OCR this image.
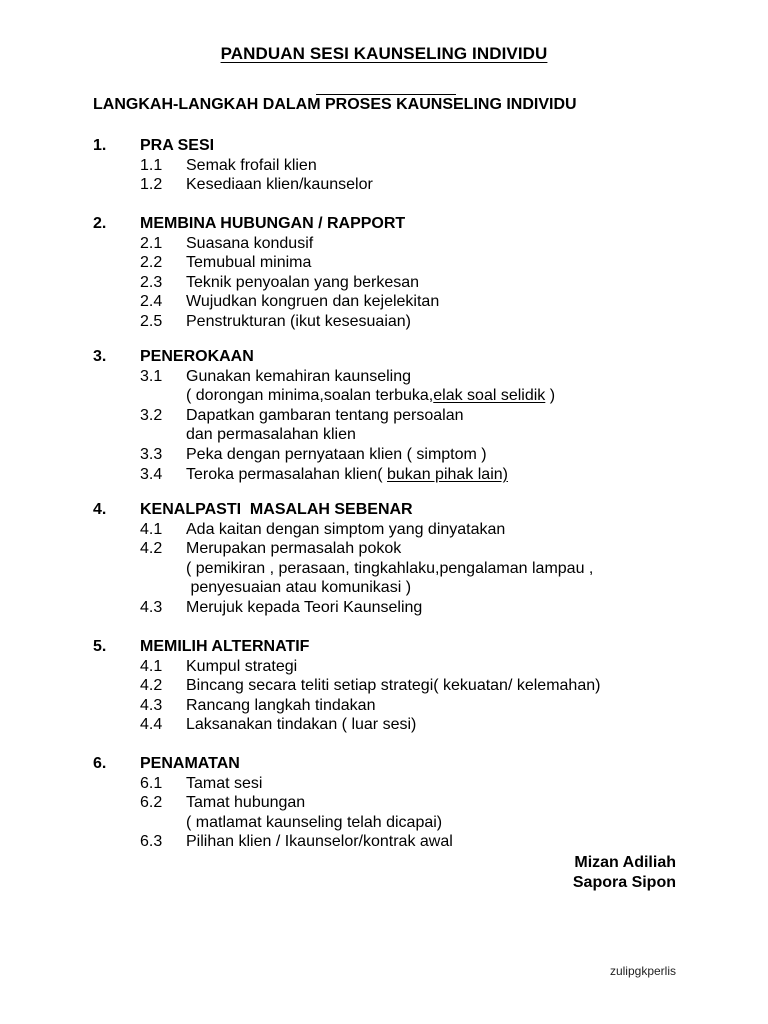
PANDUAN SESI KAUNSELING INDIVIDU
LANGKAH-LANGKAH DALAM PROSES KAUNSELING INDIVIDU
1.	PRA SESI
1.1	Semak frofail klien
1.2	Kesediaan klien/kaunselor
2.	MEMBINA HUBUNGAN / RAPPORT
2.1	Suasana kondusif
2.2	Temubual minima
2.3	Teknik penyoalan yang berkesan
2.4	Wujudkan kongruen dan kejelekitan
2.5	Penstrukturan (ikut kesesuaian)
3.	PENEROKAAN
3.1	Gunakan kemahiran kaunseling
( dorongan minima,soalan terbuka,elak soal selidik )
3.2	Dapatkan gambaran tentang persoalan
dan permasalahan klien
3.3	Peka dengan pernyataan klien ( simptom )
3.4	Teroka permasalahan klien( bukan pihak lain)
4.	KENALPASTI  MASALAH SEBENAR
4.1	Ada kaitan dengan simptom yang dinyatakan
4.2	Merupakan permasalah pokok
( pemikiran , perasaan, tingkahlaku,pengalaman lampau ,
penyesuaian atau komunikasi )
4.3	Merujuk kepada Teori Kaunseling
5.	MEMILIH ALTERNATIF
4.1	Kumpul strategi
4.2	Bincang secara teliti setiap strategi( kekuatan/ kelemahan)
4.3	Rancang langkah tindakan
4.4	Laksanakan tindakan ( luar sesi)
6.	PENAMATAN
6.1	Tamat sesi
6.2	Tamat hubungan
( matlamat kaunseling telah dicapai)
6.3	Pilihan klien / Ikaunselor/kontrak awal
Mizan Adiliah
Sapora Sipon
zulipgkperlis
